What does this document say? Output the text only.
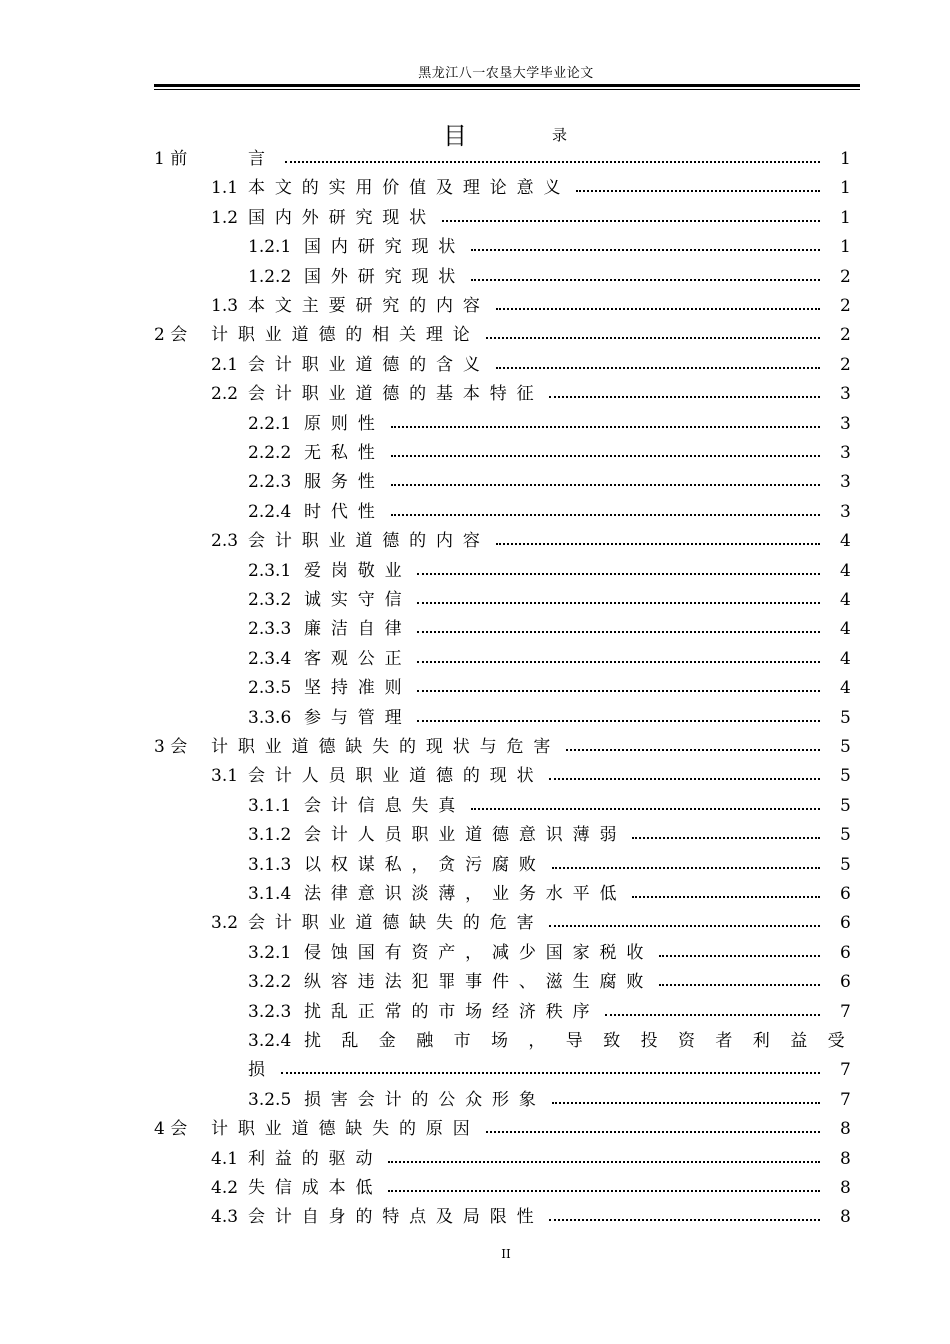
黑龙江八一农垦大学毕业论文
目	录
1 前	言	1
1.1 本文的实用价值及理论意义	1
1.2 国内外研究现状	1
1.2.1 国内研究现状	1
1.2.2 国外研究现状	2
1.3 本文主要研究的内容	2
2 会 计职业道德的相关理论	2
2.1 会计职业道德的含义	2
2.2 会计职业道德的基本特征	3
2.2.1 原则性	3
2.2.2 无私性	3
2.2.3 服务性	3
2.2.4 时代性	3
2.3 会计职业道德的内容	4
2.3.1 爱岗敬业	4
2.3.2 诚实守信	4
2.3.3 廉洁自律	4
2.3.4 客观公正	4
2.3.5 坚持准则	4
3.3.6 参与管理	5
3 会 计职业道德缺失的现状与危害	5
3.1 会计人员职业道德的现状	5
3.1.1 会计信息失真	5
3.1.2 会计人员职业道德意识薄弱	5
3.1.3 以权谋私，贪污腐败	5
3.1.4 法律意识淡薄，业务水平低	6
3.2 会计职业道德缺失的危害	6
3.2.1 侵蚀国有资产，减少国家税收	6
3.2.2 纵容违法犯罪事件、滋生腐败	6
3.2.3 扰乱正常的市场经济秩序	7
3.2.4 扰乱金融市场，导致投资者利益受
损	7
3.2.5 损害会计的公众形象	7
4 会 计职业道德缺失的原因	8
4.1 利益的驱动	8
4.2 失信成本低	8
4.3 会计自身的特点及局限性	8
II
